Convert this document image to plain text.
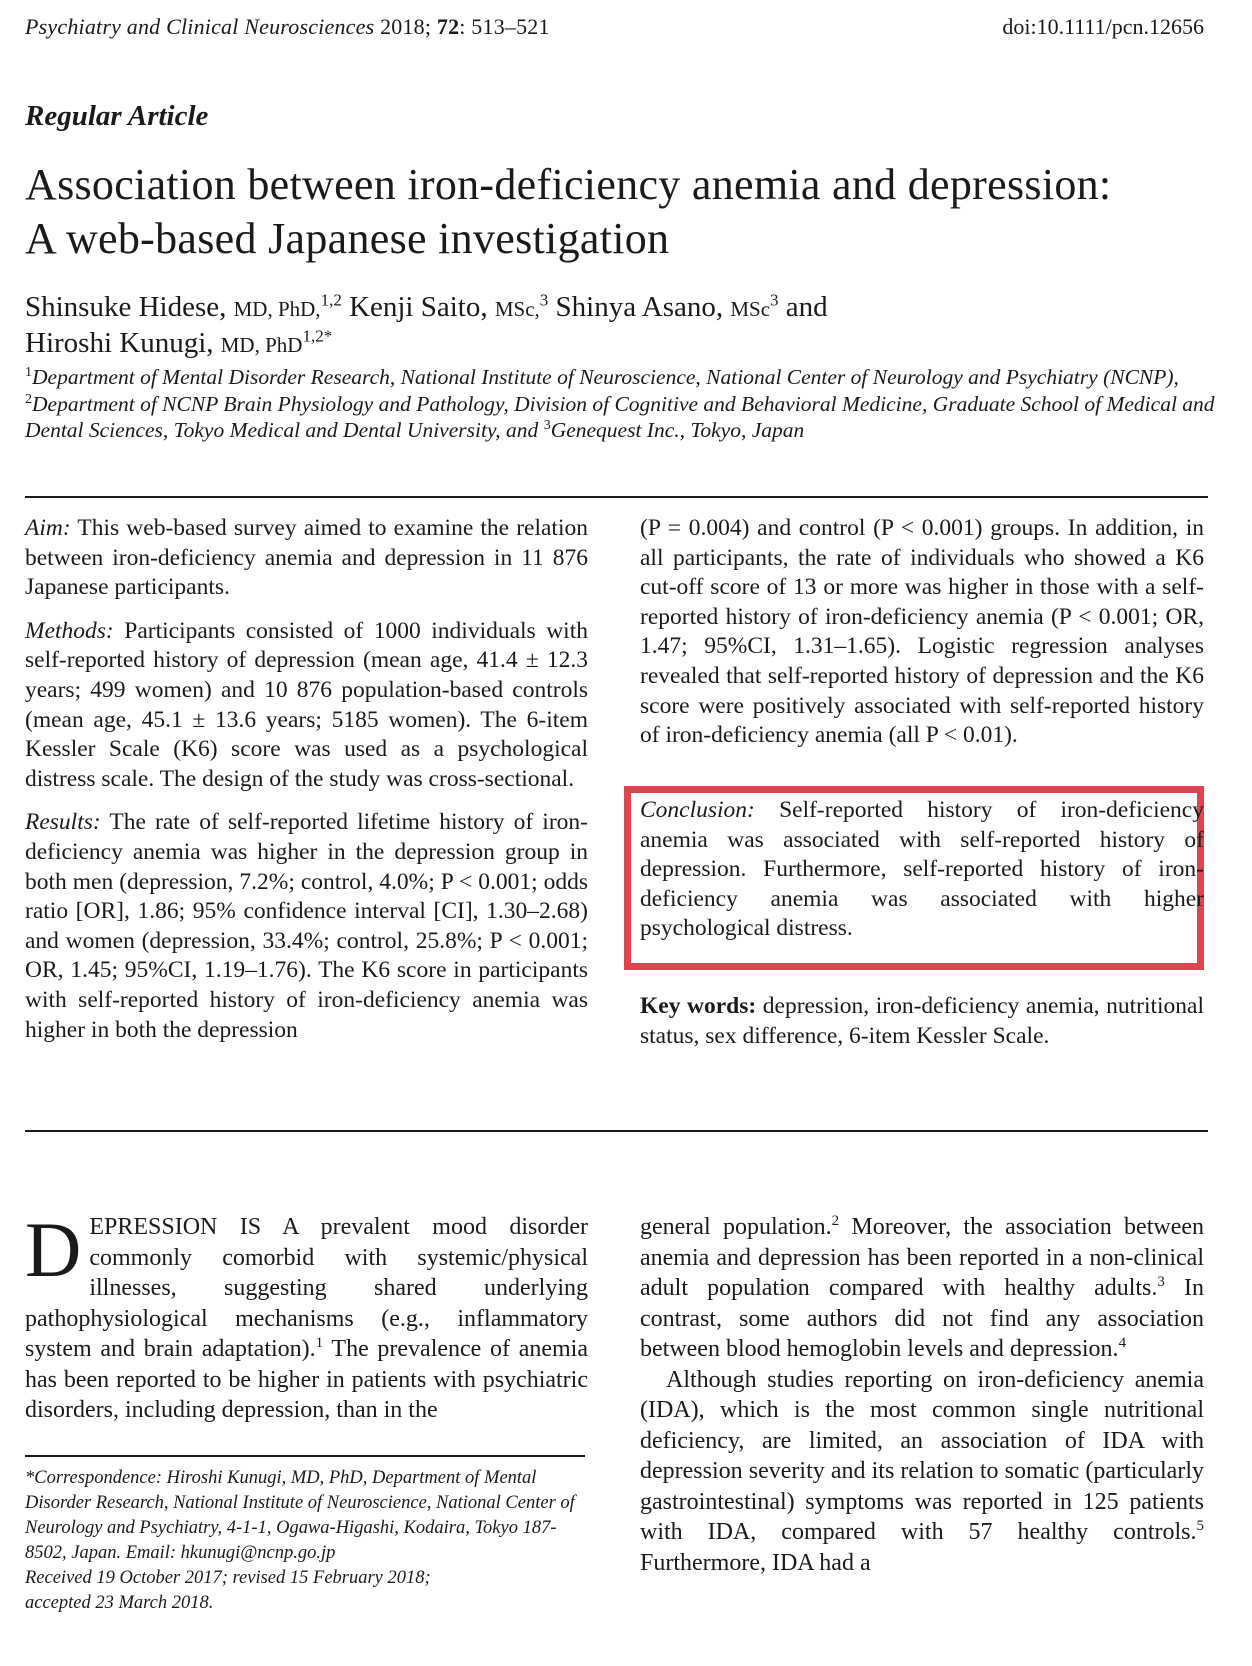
Psychiatry and Clinical Neurosciences 2018; 72: 513–521	doi:10.1111/pcn.12656
Regular Article
Association between iron-deficiency anemia and depression:
A web-based Japanese investigation
Shinsuke Hidese, MD, PhD,$^{1,2}$ Kenji Saito, MSc,$^3$ Shinya Asano, MSc$^3$ and
Hiroshi Kunugi, MD, PhD$^{1,2*}$
$^1$Department of Mental Disorder Research, National Institute of Neuroscience, National Center of Neurology and Psychiatry (NCNP), $^2$Department of NCNP Brain Physiology and Pathology, Division of Cognitive and Behavioral Medicine, Graduate School of Medical and Dental Sciences, Tokyo Medical and Dental University, and $^3$Genequest Inc., Tokyo, Japan

Aim: This web-based survey aimed to examine the relation between iron-deficiency anemia and depression in 11 876 Japanese participants.

Methods: Participants consisted of 1000 individuals with self-reported history of depression (mean age, 41.4 ± 12.3 years; 499 women) and 10 876 population-based controls (mean age, 45.1 ± 13.6 years; 5185 women). The 6-item Kessler Scale (K6) score was used as a psychological distress scale. The design of the study was cross-sectional.

Results: The rate of self-reported lifetime history of iron-deficiency anemia was higher in the depression group in both men (depression, 7.2%; control, 4.0%; P < 0.001; odds ratio [OR], 1.86; 95% confidence interval [CI], 1.30–2.68) and women (depression, 33.4%; control, 25.8%; P < 0.001; OR, 1.45; 95%CI, 1.19–1.76). The K6 score in participants with self-reported history of iron-deficiency anemia was higher in both the depression

(P = 0.004) and control (P < 0.001) groups. In addition, in all participants, the rate of individuals who showed a K6 cut-off score of 13 or more was higher in those with a self-reported history of iron-deficiency anemia (P < 0.001; OR, 1.47; 95%CI, 1.31–1.65). Logistic regression analyses revealed that self-reported history of depression and the K6 score were positively associated with self-reported history of iron-deficiency anemia (all P < 0.01).

Conclusion: Self-reported history of iron-deficiency anemia was associated with self-reported history of depression. Furthermore, self-reported history of iron-deficiency anemia was associated with higher psychological distress.
Key words: depression, iron-deficiency anemia, nutritional status, sex difference, 6-item Kessler Scale.

DEPRESSION IS A prevalent mood disorder commonly comorbid with systemic/physical illnesses, suggesting shared underlying pathophysiological mechanisms (e.g., inflammatory system and brain adaptation).$^1$ The prevalence of anemia has been reported to be higher in patients with psychiatric disorders, including depression, than in the

*Correspondence: Hiroshi Kunugi, MD, PhD, Department of Mental Disorder Research, National Institute of Neuroscience, National Center of Neurology and Psychiatry, 4-1-1, Ogawa-Higashi, Kodaira, Tokyo 187-8502, Japan. Email: hkunugi@ncnp.go.jp

Received 19 October 2017; revised 15 February 2018;

accepted 23 March 2018.

general population.$^2$ Moreover, the association between anemia and depression has been reported in a non-clinical adult population compared with healthy adults.$^3$ In contrast, some authors did not find any association between blood hemoglobin levels and depression.$^4$

Although studies reporting on iron-deficiency anemia (IDA), which is the most common single nutritional deficiency, are limited, an association of IDA with depression severity and its relation to somatic (particularly gastrointestinal) symptoms was reported in 125 patients with IDA, compared with 57 healthy controls.$^5$ Furthermore, IDA had a
